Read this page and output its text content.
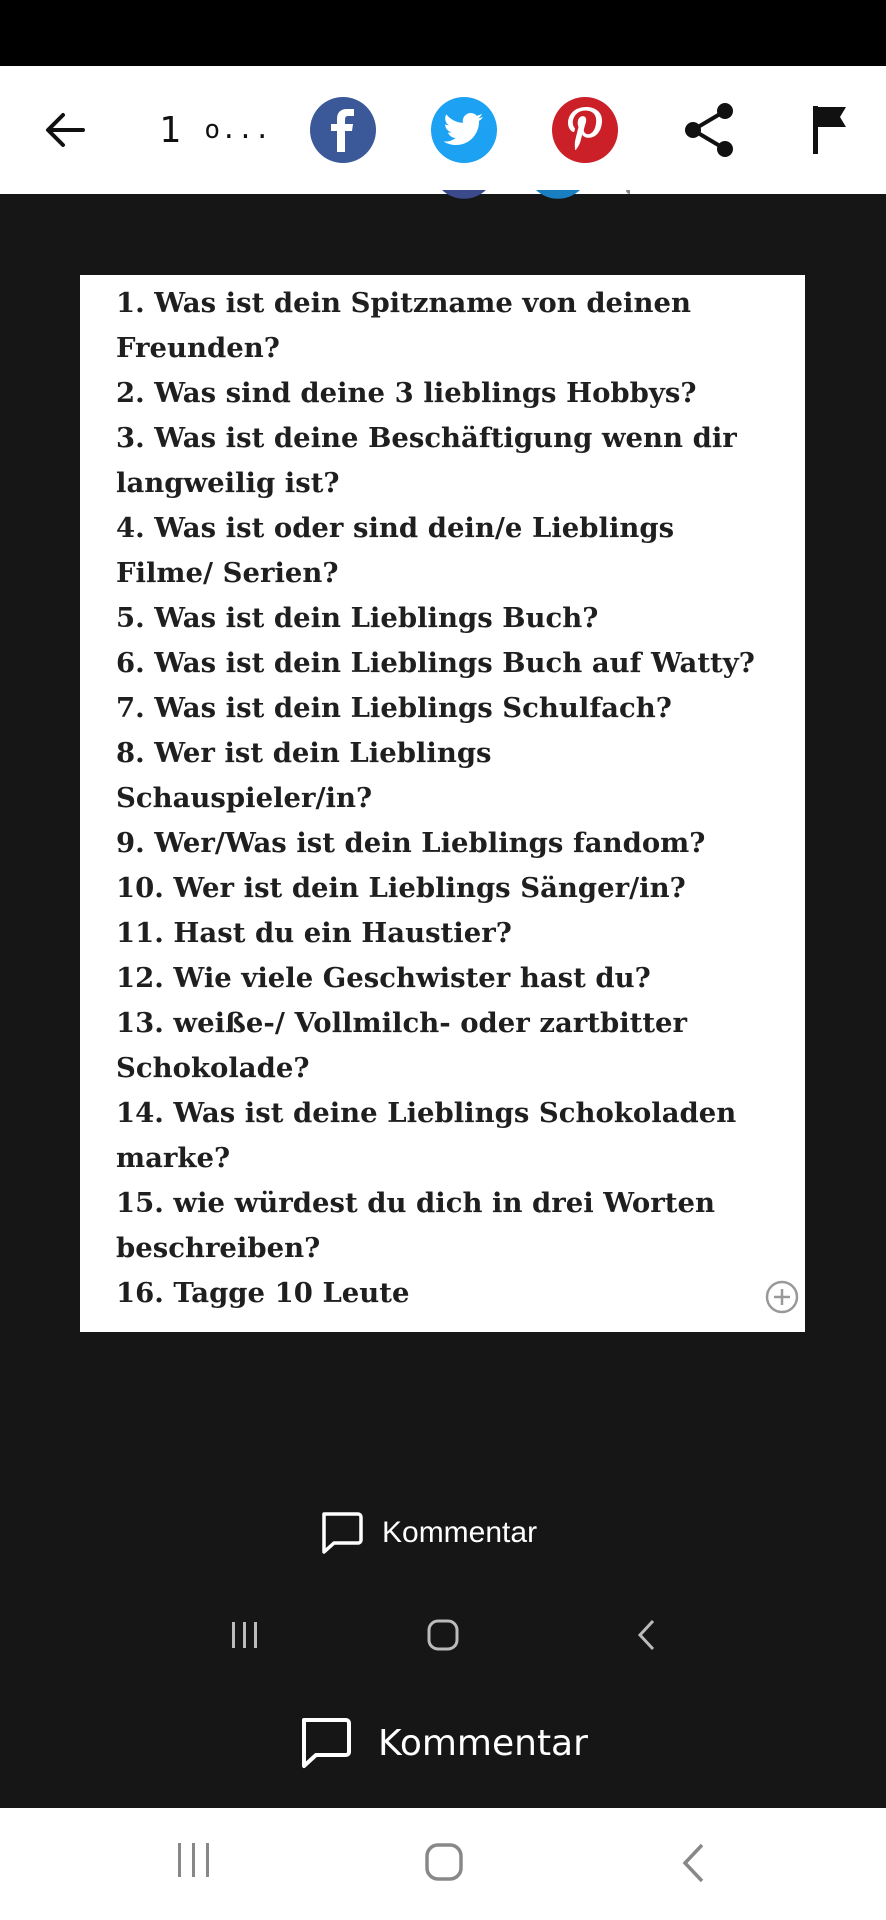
1
o...
1. Was ist dein Spitzname von deinen
Freunden?
2. Was sind deine 3 lieblings Hobbys?
3. Was ist deine Beschäftigung wenn dir
langweilig ist?
4. Was ist oder sind dein/e Lieblings
Filme/ Serien?
5. Was ist dein Lieblings Buch?
6. Was ist dein Lieblings Buch auf Watty?
7. Was ist dein Lieblings Schulfach?
8. Wer ist dein Lieblings
Schauspieler/in?
9. Wer/Was ist dein Lieblings fandom?
10. Wer ist dein Lieblings Sänger/in?
11. Hast du ein Haustier?
12. Wie viele Geschwister hast du?
13. weiße-/ Vollmilch- oder zartbitter
Schokolade?
14. Was ist deine Lieblings Schokoladen
marke?
15. wie würdest du dich in drei Worten
beschreiben?
16. Tagge 10 Leute
Kommentar
Kommentar
